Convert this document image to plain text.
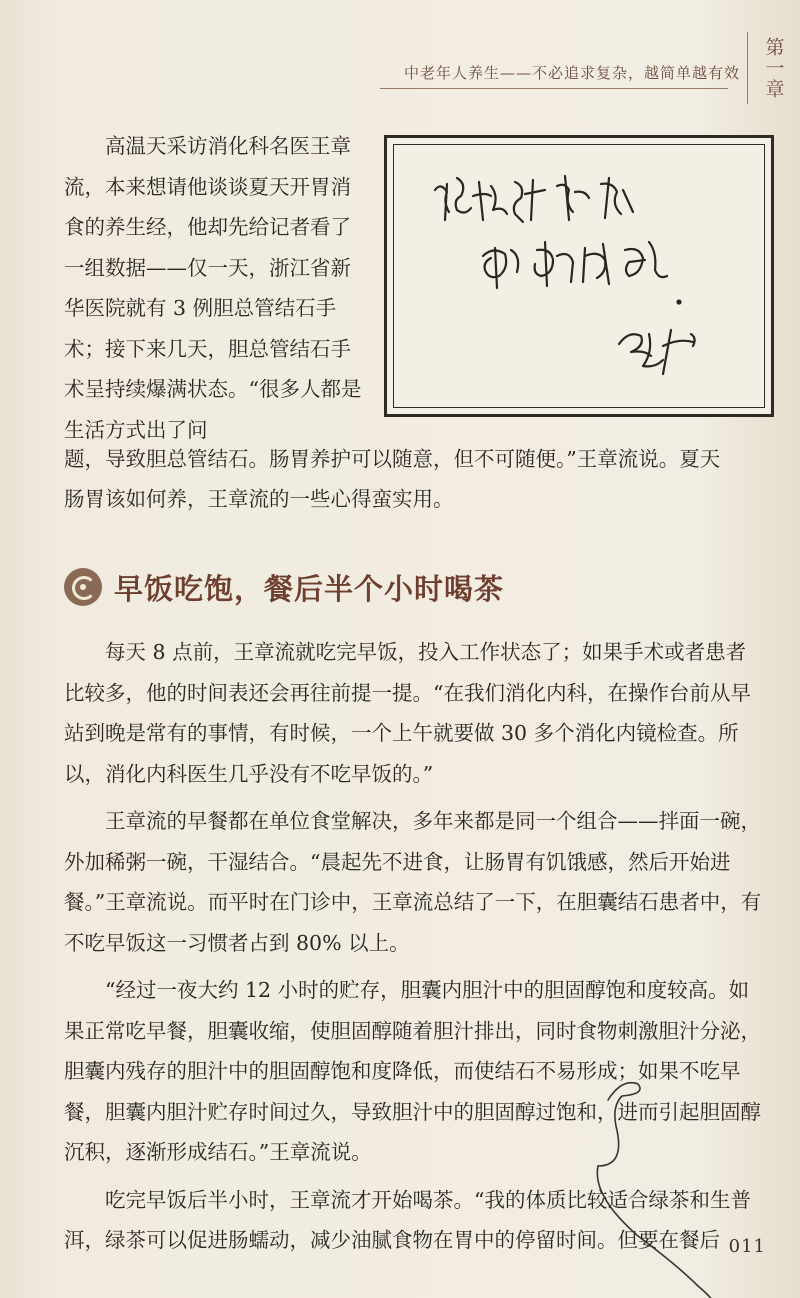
中老年人养生——不必追求复杂，越简单越有效	第一章

高温天采访消化科名医王章流，本来想请他谈谈夏天开胃消食的养生经，他却先给记者看了一组数据——仅一天，浙江省新华医院就有 3 例胆总管结石手术；接下来几天，胆总管结石手术呈持续爆满状态。“很多人都是生活方式出了问

题，导致胆总管结石。肠胃养护可以随意，但不可随便。”王章流说。夏天

肠胃该如何养，王章流的一些心得蛮实用。

早饭吃饱，餐后半个小时喝茶

每天 8 点前，王章流就吃完早饭，投入工作状态了；如果手术或者患者比较多，他的时间表还会再往前提一提。“在我们消化内科，在操作台前从早站到晚是常有的事情，有时候，一个上午就要做 30 多个消化内镜检查。所以，消化内科医生几乎没有不吃早饭的。”

王章流的早餐都在单位食堂解决，多年来都是同一个组合——拌面一碗，外加稀粥一碗，干湿结合。“晨起先不进食，让肠胃有饥饿感，然后开始进餐。”王章流说。而平时在门诊中，王章流总结了一下，在胆囊结石患者中，有不吃早饭这一习惯者占到 80% 以上。

“经过一夜大约 12 小时的贮存，胆囊内胆汁中的胆固醇饱和度较高。如果正常吃早餐，胆囊收缩，使胆固醇随着胆汁排出，同时食物刺激胆汁分泌，胆囊内残存的胆汁中的胆固醇饱和度降低，而使结石不易形成；如果不吃早餐，胆囊内胆汁贮存时间过久，导致胆汁中的胆固醇过饱和，进而引起胆固醇沉积，逐渐形成结石。”王章流说。

吃完早饭后半小时，王章流才开始喝茶。“我的体质比较适合绿茶和生普洱，绿茶可以促进肠蠕动，减少油腻食物在胃中的停留时间。但要在餐后 011
